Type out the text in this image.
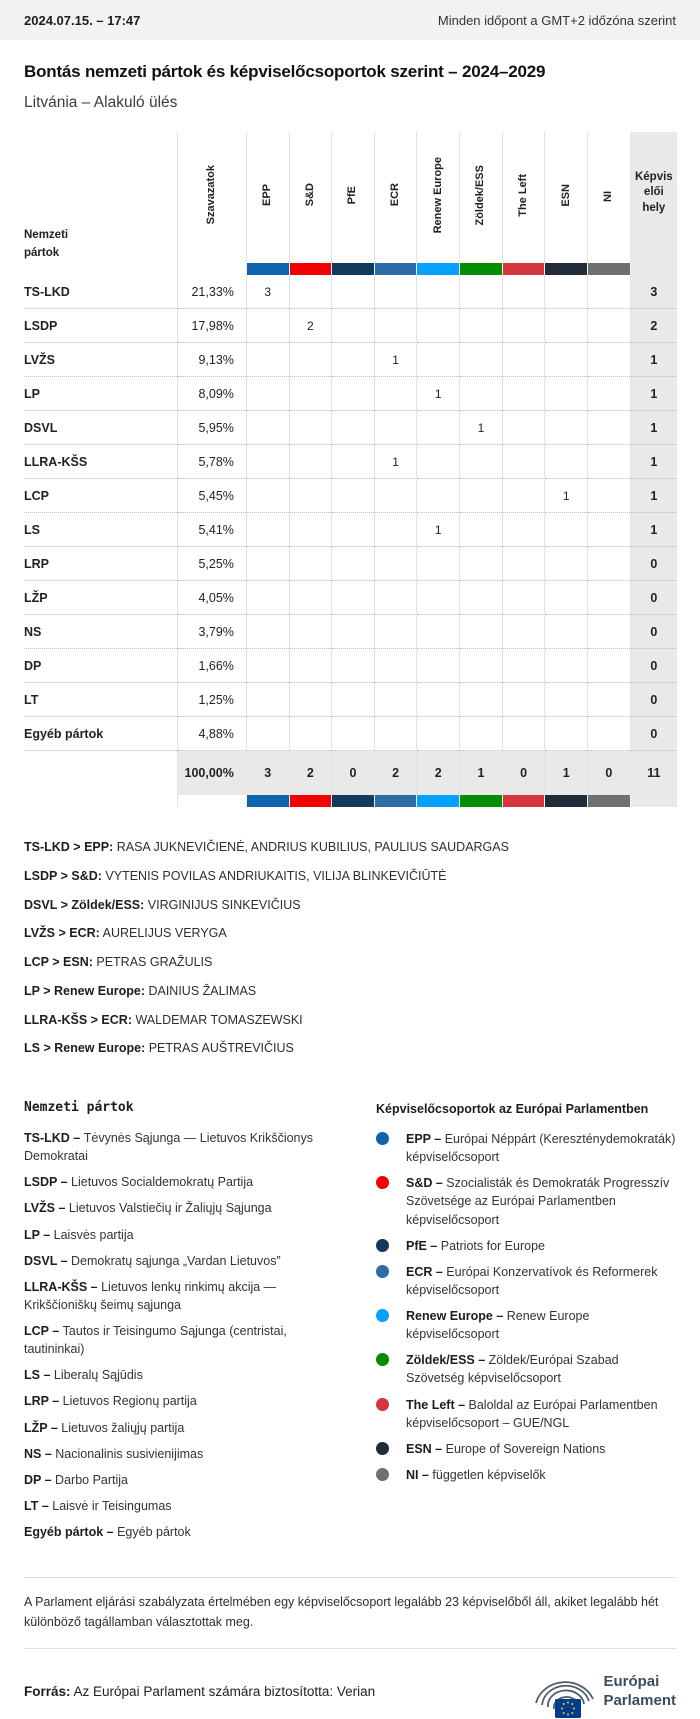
2024.07.15. – 17:47	Minden időpont a GMT+2 időzóna szerint
Bontás nemzeti pártok és képviselőcsoportok szerint – 2024–2029
Litvánia – Alakuló ülés
Nemzeti pártok	Szavazatok	EPP	S&D	PfE	ECR	Renew Europe	Zöldek/ESS	The Left	ESN	NI	Képviselői hely

TS-LKD	21,33%	3									3
LSDP	17,98%		2								2
LVŽS	9,13%				1						1
LP	8,09%					1					1
DSVL	5,95%						1				1
LLRA-KŠS	5,78%				1						1
LCP	5,45%								1		1
LS	5,41%					1					1
LRP	5,25%										0
LŽP	4,05%										0
NS	3,79%										0
DP	1,66%										0
LT	1,25%										0
Egyéb pártok	4,88%										0
	100,00%	3	2	0	2	2	1	0	1	0	11

TS-LKD > EPP: RASA JUKNEVIČIENĖ, ANDRIUS KUBILIUS, PAULIUS SAUDARGAS

LSDP > S&D: VYTENIS POVILAS ANDRIUKAITIS, VILIJA BLINKEVIČIŪTĖ

DSVL > Zöldek/ESS: VIRGINIJUS SINKEVIČIUS

LVŽS > ECR: AURELIJUS VERYGA

LCP > ESN: PETRAS GRAŽULIS

LP > Renew Europe: DAINIUS ŽALIMAS

LLRA-KŠS > ECR: WALDEMAR TOMASZEWSKI

LS > Renew Europe: PETRAS AUŠTREVIČIUS

Nemzeti pártok

TS-LKD – Tėvynės Sąjunga — Lietuvos Krikščionys Demokratai

LSDP – Lietuvos Socialdemokratų Partija

LVŽS – Lietuvos Valstiečių ir Žaliųjų Sąjunga

LP – Laisvės partija

DSVL – Demokratų sąjunga „Vardan Lietuvos”

LLRA-KŠS – Lietuvos lenkų rinkimų akcija — Krikščioniškų šeimų sąjunga

LCP – Tautos ir Teisingumo Sąjunga (centristai, tautininkai)

LS – Liberalų Sąjūdis

LRP – Lietuvos Regionų partija

LŽP – Lietuvos žaliųjų partija

NS – Nacionalinis susivienijimas

DP – Darbo Partija

LT – Laisvė ir Teisingumas

Egyéb pártok – Egyéb pártok

Képviselőcsoportok az Európai Parlamentben
EPP – Európai Néppárt (Kereszténydemokraták) képviselőcsoport
S&D – Szocialisták és Demokraták Progresszív Szövetsége az Európai Parlamentben képviselőcsoport
PfE – Patriots for Europe
ECR – Európai Konzervatívok és Reformerek képviselőcsoport
Renew Europe – Renew Europe képviselőcsoport
Zöldek/ESS – Zöldek/Európai Szabad Szövetség képviselőcsoport
The Left – Baloldal az Európai Parlamentben képviselőcsoport – GUE/NGL
ESN – Europe of Sovereign Nations
NI – független képviselők

A Parlament eljárási szabályzata értelmében egy képviselőcsoport legalább 23 képviselőből áll, akiket legalább hét különböző tagállamban választottak meg.

Forrás: Az Európai Parlament számára biztosította: Verian

Európai
Parlament
